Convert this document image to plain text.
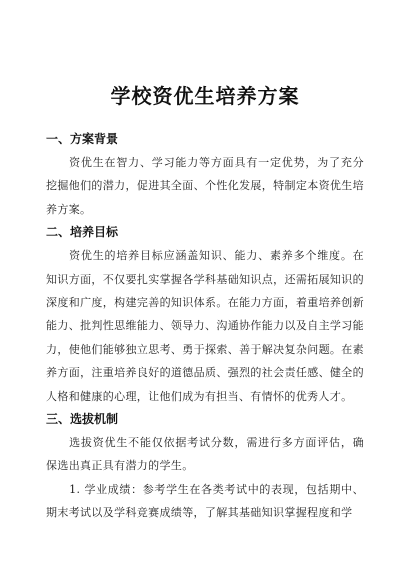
学校资优生培养方案

一、方案背景

资优生在智力、学习能力等方面具有一定优势，为了充分挖掘他们的潜力，促进其全面、个性化发展，特制定本资优生培养方案。

二、培养目标

资优生的培养目标应涵盖知识、能力、素养多个维度。在知识方面，不仅要扎实掌握各学科基础知识点，还需拓展知识的深度和广度，构建完善的知识体系。在能力方面，着重培养创新能力、批判性思维能力、领导力、沟通协作能力以及自主学习能力，使他们能够独立思考、勇于探索、善于解决复杂问题。在素养方面，注重培养良好的道德品质、强烈的社会责任感、健全的人格和健康的心理，让他们成为有担当、有情怀的优秀人才。

三、选拔机制

选拔资优生不能仅依据考试分数，需进行多方面评估，确保选出真正具有潜力的学生。

1. 学业成绩：参考学生在各类考试中的表现，包括期中、期末考试以及学科竞赛成绩等，了解其基础知识掌握程度和学
